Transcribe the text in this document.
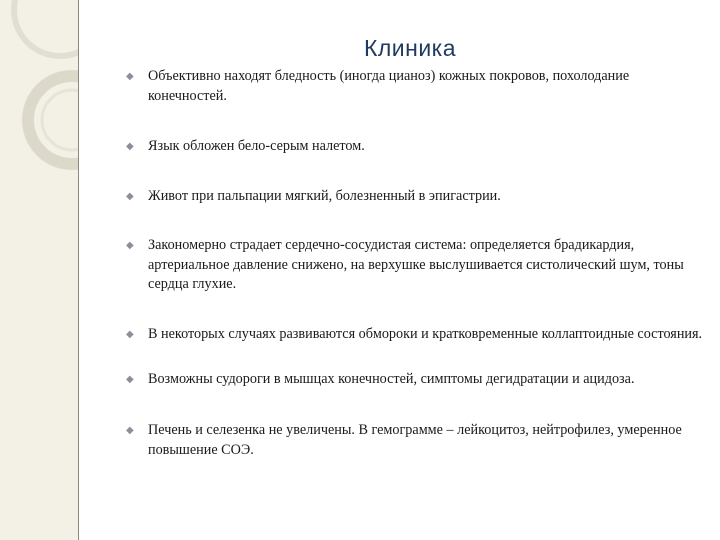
Клиника
◆	Объективно находят бледность (иногда цианоз) кожных покровов, похолодание конечностей.
◆	Язык обложен бело-серым налетом.
◆	Живот при пальпации мягкий, болезненный в эпигастрии.
◆	Закономерно страдает сердечно-сосудистая система: определяется брадикардия, артериальное давление снижено, на верхушке выслушивается систолический шум, тоны сердца глухие.
◆	В некоторых случаях развиваются обмороки и кратковременные коллаптоидные состояния.
◆	Возможны судороги в мышцах конечностей, симптомы дегидратации и ацидоза.
◆	Печень и селезенка не увеличены. В гемограмме – лейкоцитоз, нейтрофилез, умеренное повышение СОЭ.
